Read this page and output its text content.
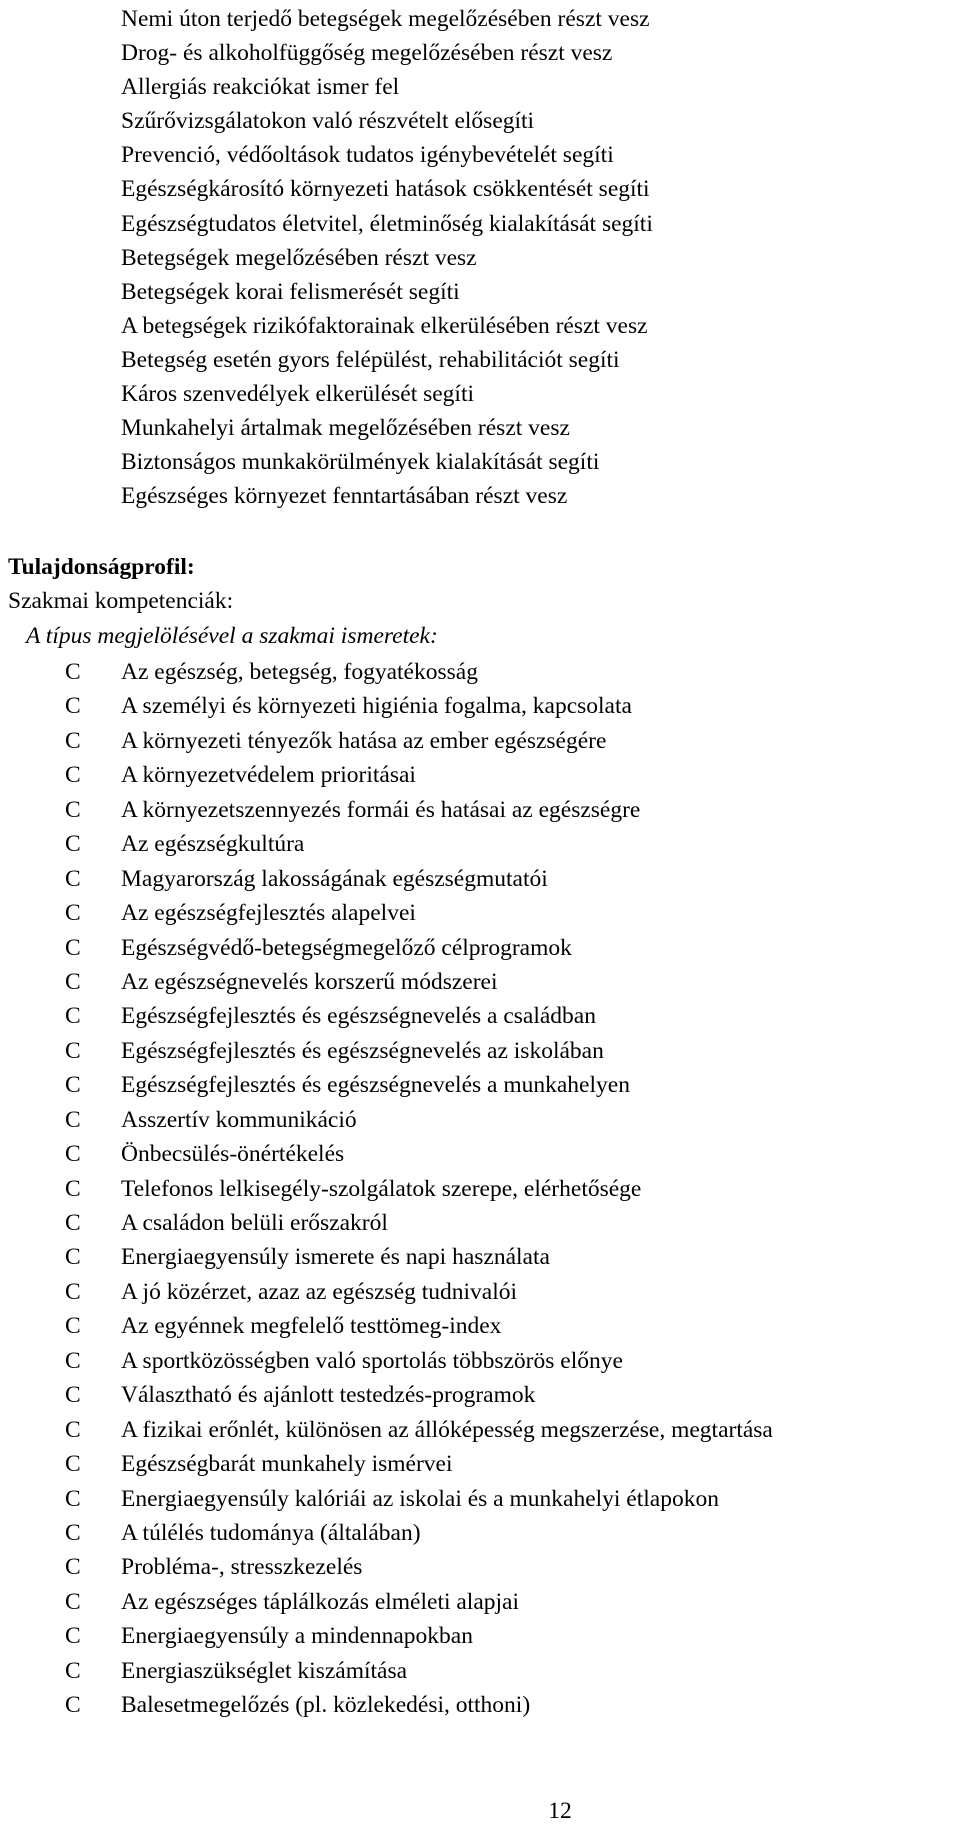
Nemi úton terjedő betegségek megelőzésében részt vesz
Drog- és alkoholfüggőség megelőzésében részt vesz
Allergiás reakciókat ismer fel
Szűrővizsgálatokon való részvételt elősegíti
Prevenció, védőoltások tudatos igénybevételét segíti
Egészségkárosító környezeti hatások csökkentését segíti
Egészségtudatos életvitel, életminőség kialakítását segíti
Betegségek megelőzésében részt vesz
Betegségek korai felismerését segíti
A betegségek rizikófaktorainak elkerülésében részt vesz
Betegség esetén gyors felépülést, rehabilitációt segíti
Káros szenvedélyek elkerülését segíti
Munkahelyi ártalmak megelőzésében részt vesz
Biztonságos munkakörülmények kialakítását segíti
Egészséges környezet fenntartásában részt vesz
Tulajdonságprofil:
Szakmai kompetenciák:
A típus megjelölésével a szakmai ismeretek:
C Az egészség, betegség, fogyatékosság
C A személyi és környezeti higiénia fogalma, kapcsolata
C A környezeti tényezők hatása az ember egészségére
C A környezetvédelem prioritásai
C A környezetszennyezés formái és hatásai az egészségre
C Az egészségkultúra
C Magyarország lakosságának egészségmutatói
C Az egészségfejlesztés alapelvei
C Egészségvédő-betegségmegelőző célprogramok
C Az egészségnevelés korszerű módszerei
C Egészségfejlesztés és egészségnevelés a családban
C Egészségfejlesztés és egészségnevelés az iskolában
C Egészségfejlesztés és egészségnevelés a munkahelyen
C Asszertív kommunikáció
C Önbecsülés-önértékelés
C Telefonos lelkisegély-szolgálatok szerepe, elérhetősége
C A családon belüli erőszakról
C Energiaegyensúly ismerete és napi használata
C A jó közérzet, azaz az egészség tudnivalói
C Az egyénnek megfelelő testtömeg-index
C A sportközösségben való sportolás többszörös előnye
C Választható és ajánlott testedzés-programok
C A fizikai erőnlét, különösen az állóképesség megszerzése, megtartása
C Egészségbarát munkahely ismérvei
C Energiaegyensúly kalóriái az iskolai és a munkahelyi étlapokon
C A túlélés tudománya (általában)
C Probléma-, stresszkezelés
C Az egészséges táplálkozás elméleti alapjai
C Energiaegyensúly a mindennapokban
C Energiaszükséglet kiszámítása
C Balesetmegelőzés (pl. közlekedési, otthoni)
12
